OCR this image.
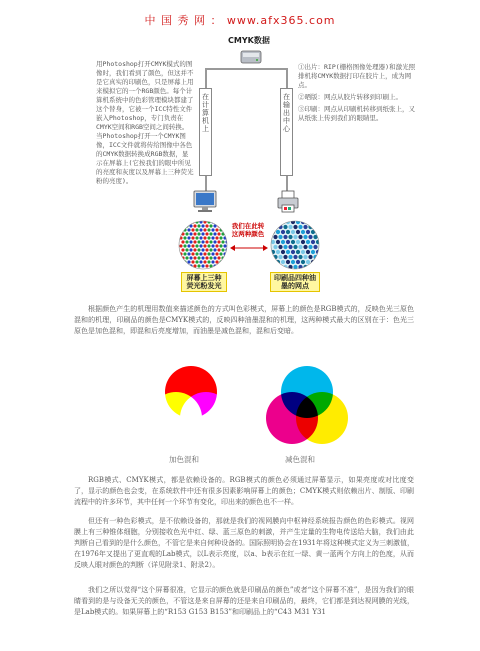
中 国 秀 网 ： www.afx365.com
CMYK数据
用Photoshop打开CMYK模式的图像时，我们看到了颜色，但这并不是它真实的印刷色，只是屏幕上用来模拟它的一个RGB颜色。每个计算机系统中的色彩管理模块都建了这个替身，它被一个ICC特性文件嵌入Photoshop，专门负责在CMYK空间和RGB空间之间转换。当Photoshop打开一个CMYK图像，ICC文件就将传给图像中各色的CMYK数据转换成RGB数据，显示在屏幕上(它按我们的眼中所见的亮度和灰度以及屏幕上三种荧光粉的亮度)。
在计算机上
在输出中心

①出片：RIP(栅格图像处理器)和激光照排机将CMYK数据打印在胶片上，成为网点。

②晒版：网点从胶片转移到印刷上。

③印刷：网点从印刷机转移到纸张上，又从纸张上传到我们的眼睛里。

我们在此转这两种颜色
屏幕上三种荧光粉发光
印刷品四种油墨的网点
根据颜色产生的机理用数值来描述颜色的方式叫色彩模式，屏幕上的颜色是RGB模式的，反映色光三原色混和的机理，印刷品的颜色是CMYK模式的，反映四种油墨混和的机理，这两种模式最大的区别在于：色光三原色是加色混和，即混和后亮度增加，而油墨是减色混和，混和后变暗。
加色混和	减色混和
RGB模式、CMYK模式，都是依赖设备的。RGB模式的颜色必须通过屏幕显示，如果亮度或对比度变了，显示的颜色也会变，在系统软件中还有很多因素影响屏幕上的颜色；CMYK模式则依赖出片、制版、印刷流程中的许多环节，其中任何一个环节有变化，印出来的颜色也不一样。
但还有一种色彩模式，是不依赖设备的，那就是我们的视网膜向中枢神经系统报告颜色的色彩模式。视网膜上有三种锥体细胞，分别接收色光中红、绿、蓝三原色的刺激，并产生定量的生物电传送给大脑，我们由此判断自己看到的是什么颜色，不管它是来自何种设备的。国际照明协会在1931年将这种模式定义为三刺激值，在1976年又提出了更直观的Lab模式，以L表示亮度，以a、b表示在红一绿、黄一蓝两个方向上的色度，从而反映人眼对颜色的判断（详见附录1、附录2）。
我们之所以觉得“这个屏幕很准，它显示的颜色就是印刷品的颜色”或者“这个屏幕不准”，是因为我们的眼睛看到的是与设备无关的颜色，不管这是来自屏幕的还是来自印刷品的，最终，它们都是到达视网膜的光线，是Lab模式的。如果屏幕上的“R153 G153 B153”和印刷品上的“C43 M31 Y31
